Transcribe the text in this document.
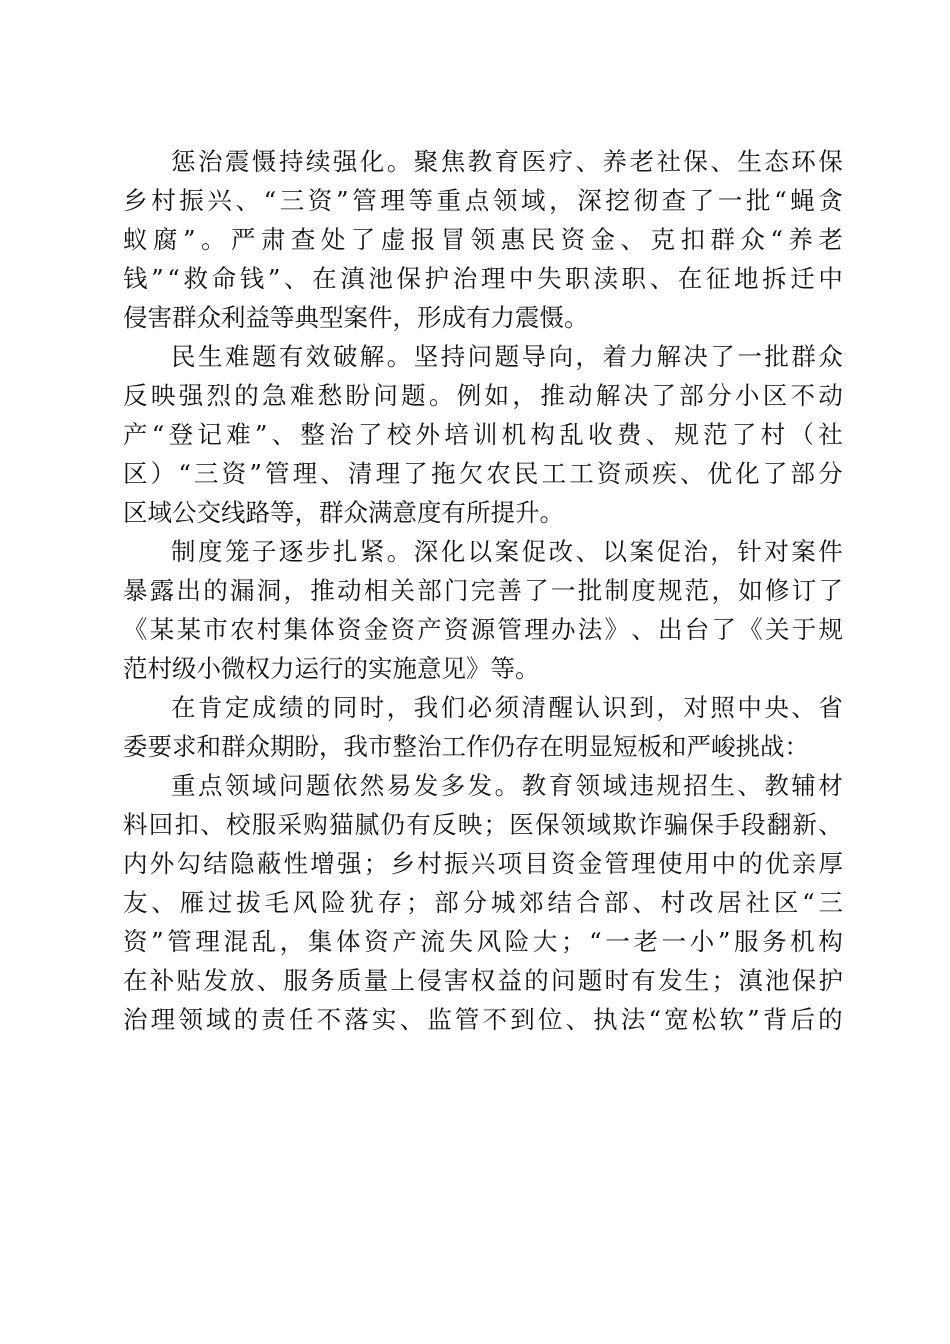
惩 治 震 慑 持 续 强 化 。 聚 焦 教 育 医 疗 、 养 老 社 保 、 生 态 环 保
乡 村 振 兴 、 “ 三 资 ” 管 理 等 重 点 领 域 ， 深 挖 彻 查 了 一 批 “ 蝇 贪
蚁 腐 ” 。 严 肃 查 处 了 虚 报 冒 领 惠 民 资 金 、 克 扣 群 众 “ 养 老
钱 ” “ 救 命 钱 ” 、 在 滇 池 保 护 治 理 中 失 职 渎 职 、 在 征 地 拆 迁 中
侵害群众利益等典型案件，形成有力震慑。
民 生 难 题 有 效 破 解 。 坚 持 问 题 导 向 ， 着 力 解 决 了 一 批 群 众
反 映 强 烈 的 急 难 愁 盼 问 题 。 例 如 ， 推 动 解 决 了 部 分 小 区 不 动
产 “ 登 记 难 ” 、 整 治 了 校 外 培 训 机 构 乱 收 费 、 规 范 了 村 （ 社
区 ） “ 三 资 ” 管 理 、 清 理 了 拖 欠 农 民 工 工 资 顽 疾 、 优 化 了 部 分
区域公交线路等，群众满意度有所提升。
制 度 笼 子 逐 步 扎 紧 。 深 化 以 案 促 改 、 以 案 促 治 ， 针 对 案 件
暴 露 出 的 漏 洞 ， 推 动 相 关 部 门 完 善 了 一 批 制 度 规 范 ， 如 修 订 了
《 某 某 市 农 村 集 体 资 金 资 产 资 源 管 理 办 法 》 、 出 台 了 《 关 于 规
范村级小微权力运行的实施意见》等。
在 肯 定 成 绩 的 同 时 ， 我 们 必 须 清 醒 认 识 到 ， 对 照 中 央 、 省
委要求和群众期盼，我市整治工作仍存在明显短板和严峻挑战：
重 点 领 域 问 题 依 然 易 发 多 发 。 教 育 领 域 违 规 招 生 、 教 辅 材
料 回 扣 、 校 服 采 购 猫 腻 仍 有 反 映 ； 医 保 领 域 欺 诈 骗 保 手 段 翻 新 、
内 外 勾 结 隐 蔽 性 增 强 ； 乡 村 振 兴 项 目 资 金 管 理 使 用 中 的 优 亲 厚
友 、 雁 过 拔 毛 风 险 犹 存 ； 部 分 城 郊 结 合 部 、 村 改 居 社 区 “ 三
资 ” 管 理 混 乱 ， 集 体 资 产 流 失 风 险 大 ； “ 一 老 一 小 ” 服 务 机 构
在 补 贴 发 放 、 服 务 质 量 上 侵 害 权 益 的 问 题 时 有 发 生 ； 滇 池 保 护
治 理 领 域 的 责 任 不 落 实 、 监 管 不 到 位 、 执 法 “ 宽 松 软 ” 背 后 的
